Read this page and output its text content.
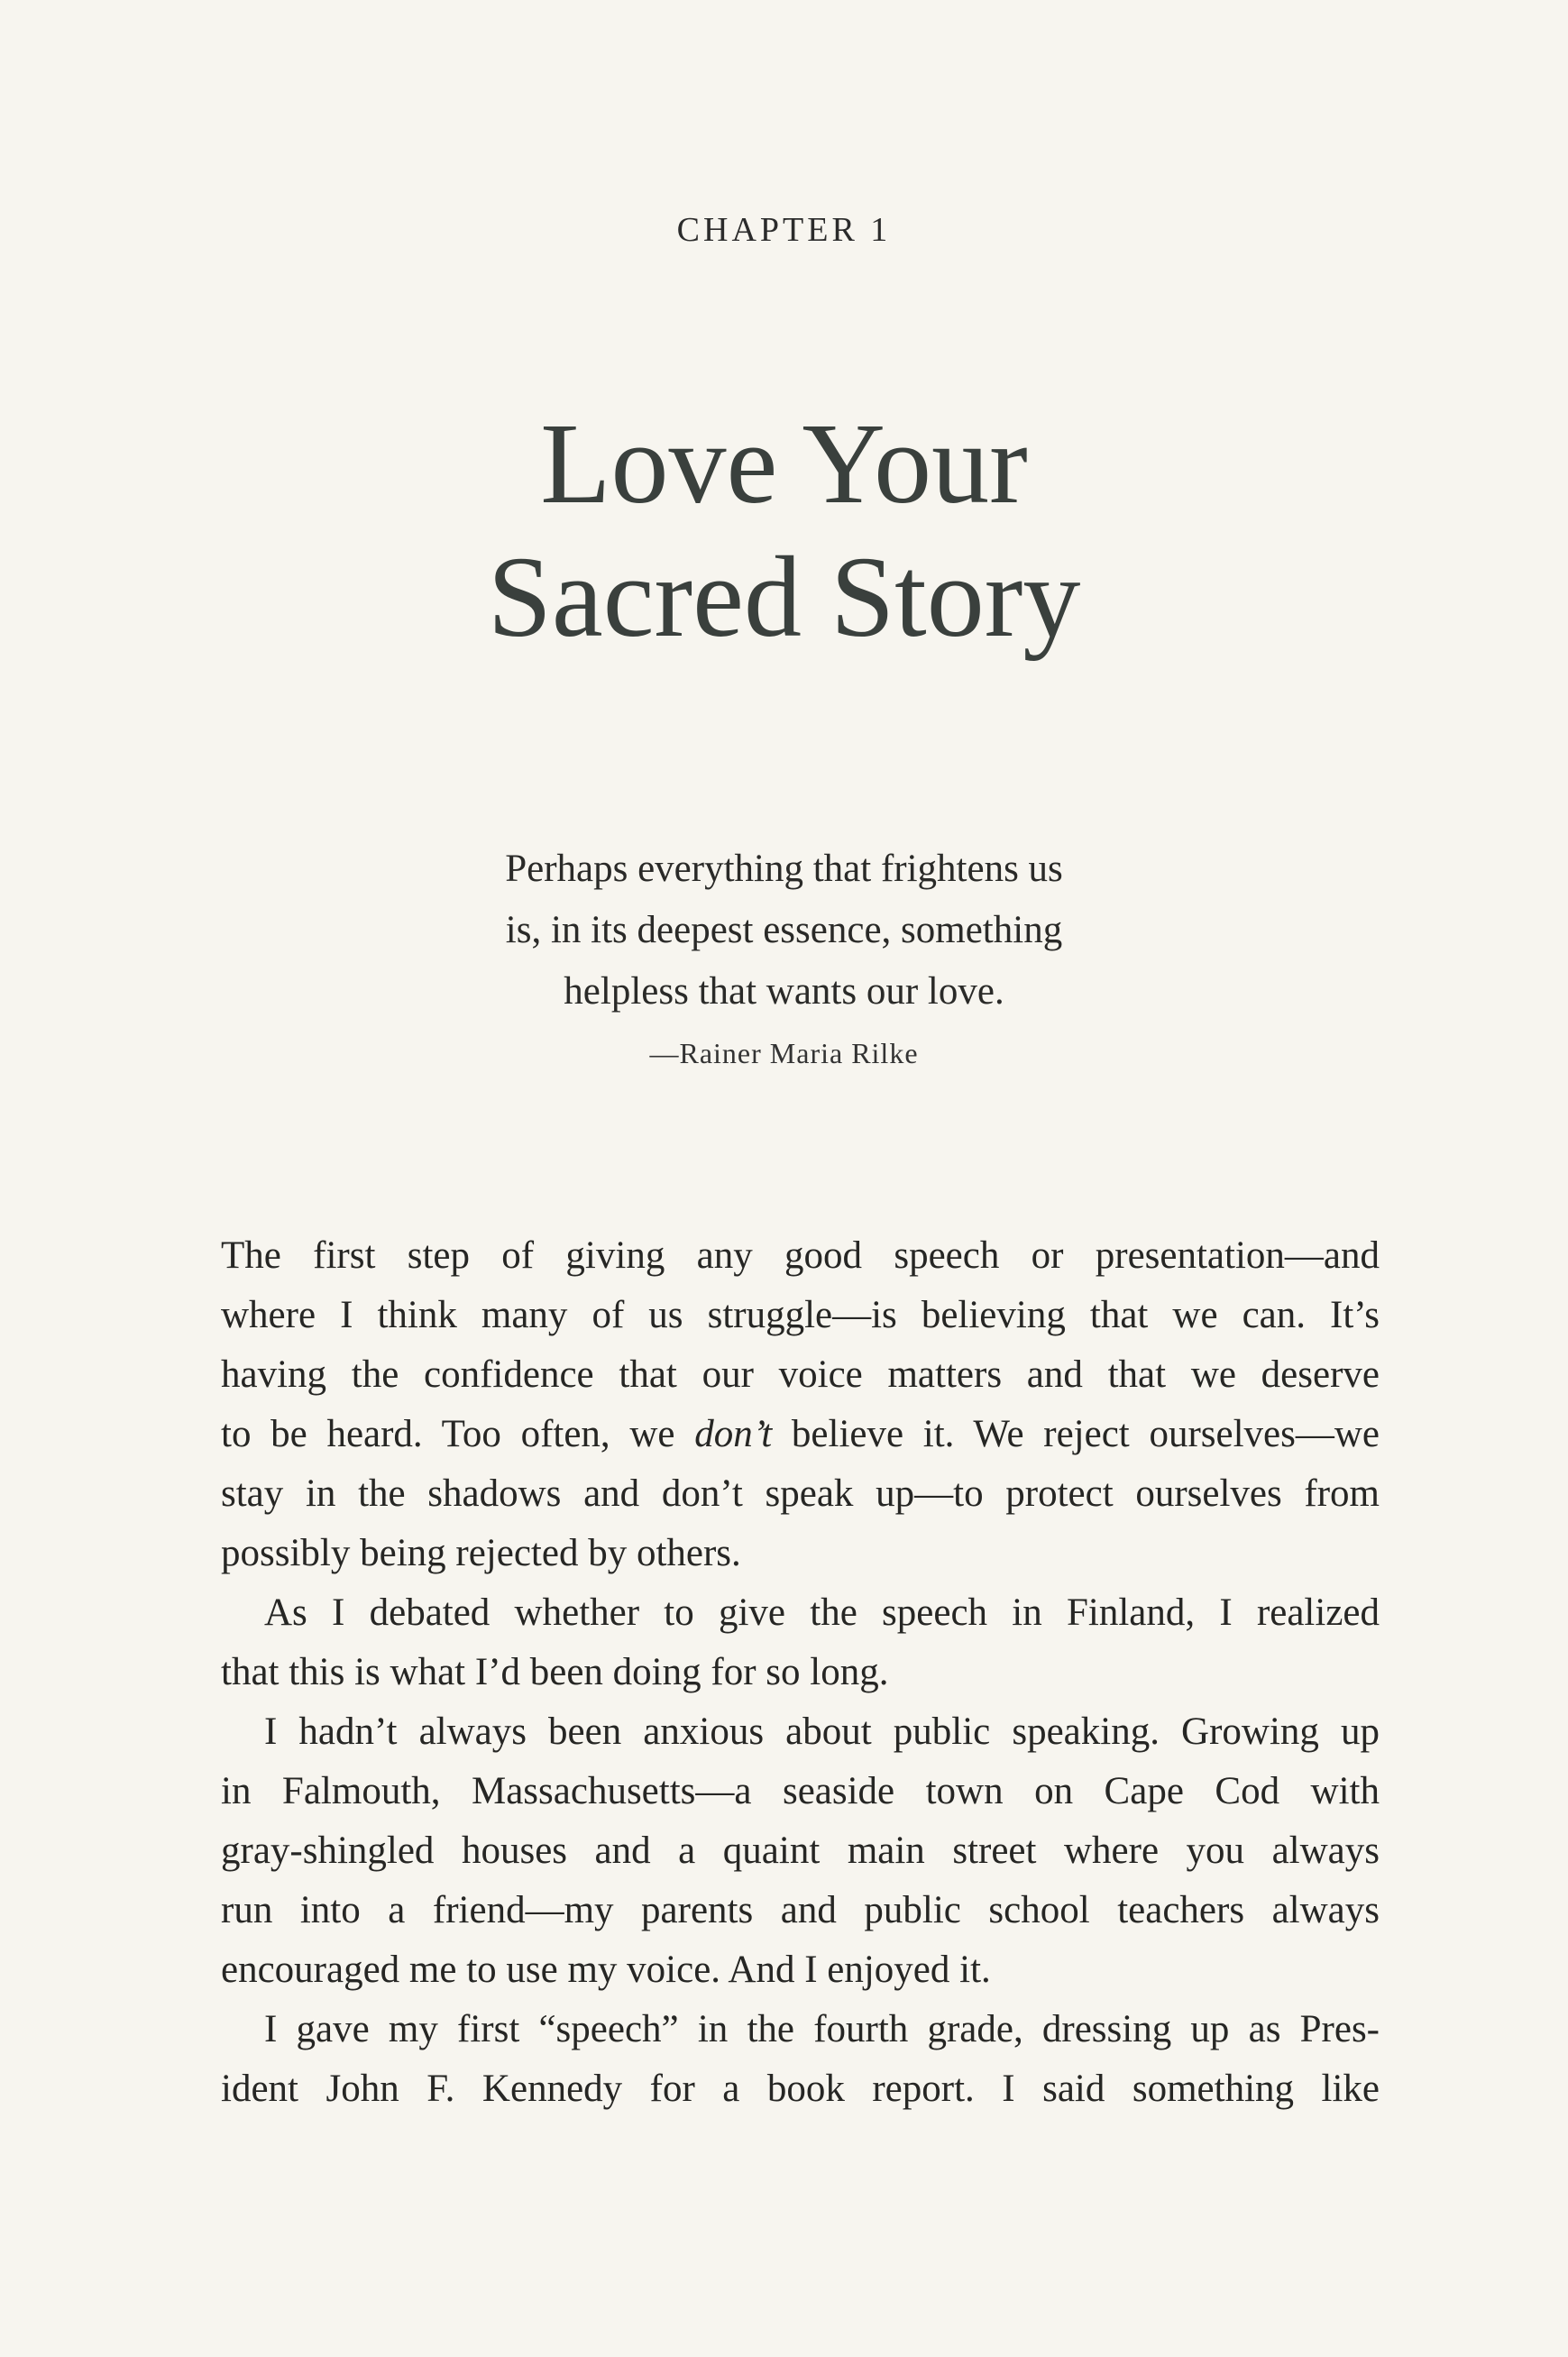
CHAPTER 1
Love Your
Sacred Story
Perhaps everything that frightens us
is, in its deepest essence, something
helpless that wants our love.
—Rainer Maria Rilke
The first step of giving any good speech or presentation—and
where I think many of us struggle—is believing that we can. It’s
having the confidence that our voice matters and that we deserve
to be heard. Too often, we don’t believe it. We reject ourselves—we
stay in the shadows and don’t speak up—to protect ourselves from
possibly being rejected by others.
As I debated whether to give the speech in Finland, I realized
that this is what I’d been doing for so long.
I hadn’t always been anxious about public speaking. Growing up
in Falmouth, Massachusetts—a seaside town on Cape Cod with
gray-shingled houses and a quaint main street where you always
run into a friend—my parents and public school teachers always
encouraged me to use my voice. And I enjoyed it.
I gave my first “speech” in the fourth grade, dressing up as Pres-
ident John F. Kennedy for a book report. I said something like
